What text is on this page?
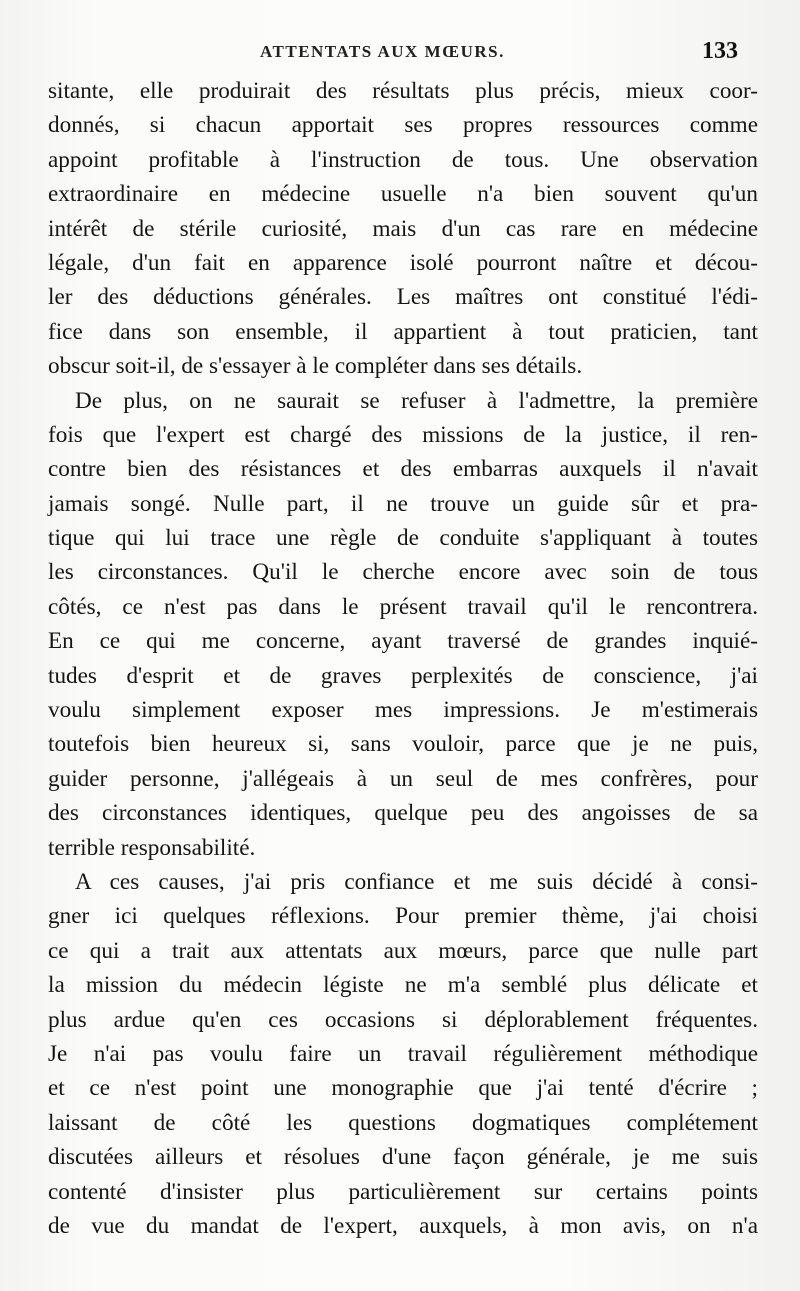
ATTENTATS AUX MŒURS.	133
sitante, elle produirait des résultats plus précis, mieux coor-
donnés, si chacun apportait ses propres ressources comme
appoint profitable à l'instruction de tous. Une observation
extraordinaire en médecine usuelle n'a bien souvent qu'un
intérêt de stérile curiosité, mais d'un cas rare en médecine
légale, d'un fait en apparence isolé pourront naître et décou-
ler des déductions générales. Les maîtres ont constitué l'édi-
fice dans son ensemble, il appartient à tout praticien, tant
obscur soit-il, de s'essayer à le compléter dans ses détails.
De plus, on ne saurait se refuser à l'admettre, la première
fois que l'expert est chargé des missions de la justice, il ren-
contre bien des résistances et des embarras auxquels il n'avait
jamais songé. Nulle part, il ne trouve un guide sûr et pra-
tique qui lui trace une règle de conduite s'appliquant à toutes
les circonstances. Qu'il le cherche encore avec soin de tous
côtés, ce n'est pas dans le présent travail qu'il le rencontrera.
En ce qui me concerne, ayant traversé de grandes inquié-
tudes d'esprit et de graves perplexités de conscience, j'ai
voulu simplement exposer mes impressions. Je m'estimerais
toutefois bien heureux si, sans vouloir, parce que je ne puis,
guider personne, j'allégeais à un seul de mes confrères, pour
des circonstances identiques, quelque peu des angoisses de sa
terrible responsabilité.
A ces causes, j'ai pris confiance et me suis décidé à consi-
gner ici quelques réflexions. Pour premier thème, j'ai choisi
ce qui a trait aux attentats aux mœurs, parce que nulle part
la mission du médecin légiste ne m'a semblé plus délicate et
plus ardue qu'en ces occasions si déplorablement fréquentes.
Je n'ai pas voulu faire un travail régulièrement méthodique
et ce n'est point une monographie que j'ai tenté d'écrire ;
laissant de côté les questions dogmatiques complétement
discutées ailleurs et résolues d'une façon générale, je me suis
contenté d'insister plus particulièrement sur certains points
de vue du mandat de l'expert, auxquels, à mon avis, on n'a
